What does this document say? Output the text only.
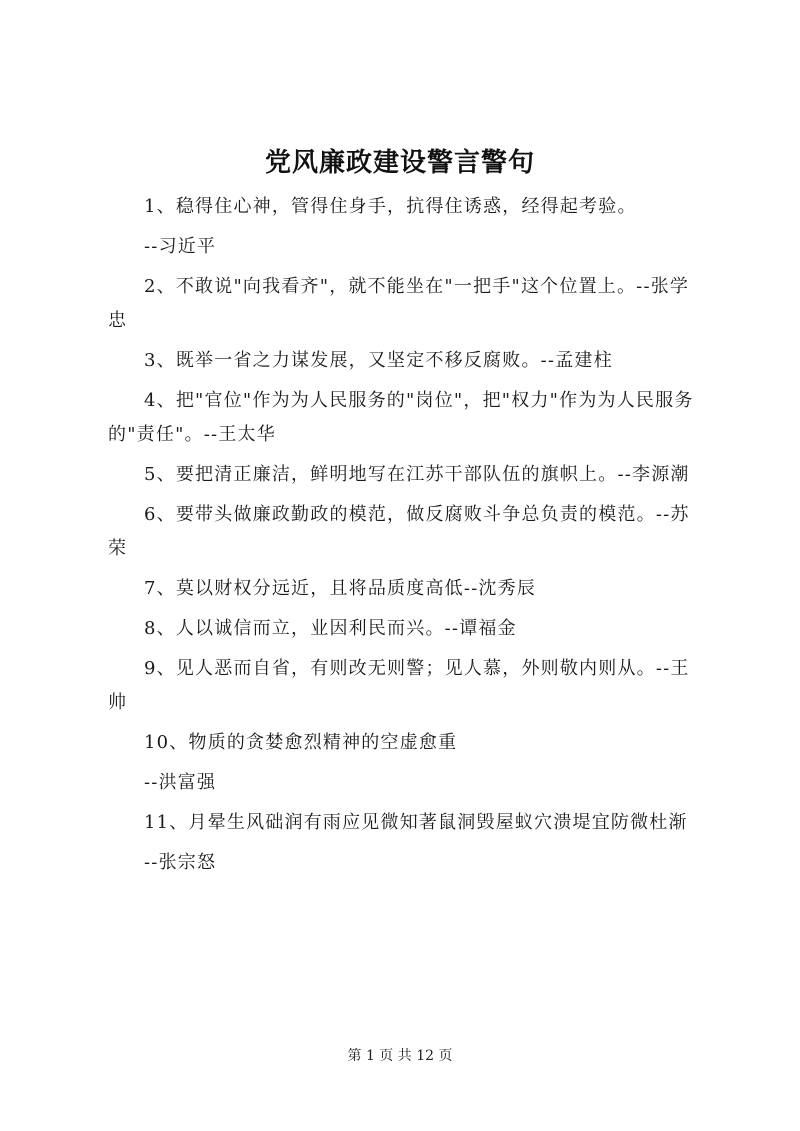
党风廉政建设警言警句

1、稳得住心神，管得住身手，抗得住诱惑，经得起考验。

--习近平

2、不敢说"向我看齐"，就不能坐在"一把手"这个位置上。--张学忠

3、既举一省之力谋发展，又坚定不移反腐败。--孟建柱

4、把"官位"作为为人民服务的"岗位"，把"权力"作为为人民服务的"责任"。--王太华

5、要把清正廉洁，鲜明地写在江苏干部队伍的旗帜上。--李源潮

6、要带头做廉政勤政的模范，做反腐败斗争总负责的模范。--苏荣

7、莫以财权分远近，且将品质度高低--沈秀辰

8、人以诚信而立，业因利民而兴。--谭福金

9、见人恶而自省，有则改无则警；见人慕，外则敬内则从。--王帅

10、物质的贪婪愈烈精神的空虚愈重

--洪富强

11、月晕生风础润有雨应见微知著鼠洞毁屋蚁穴溃堤宜防微杜渐

--张宗怒

第 1 页 共 12 页
